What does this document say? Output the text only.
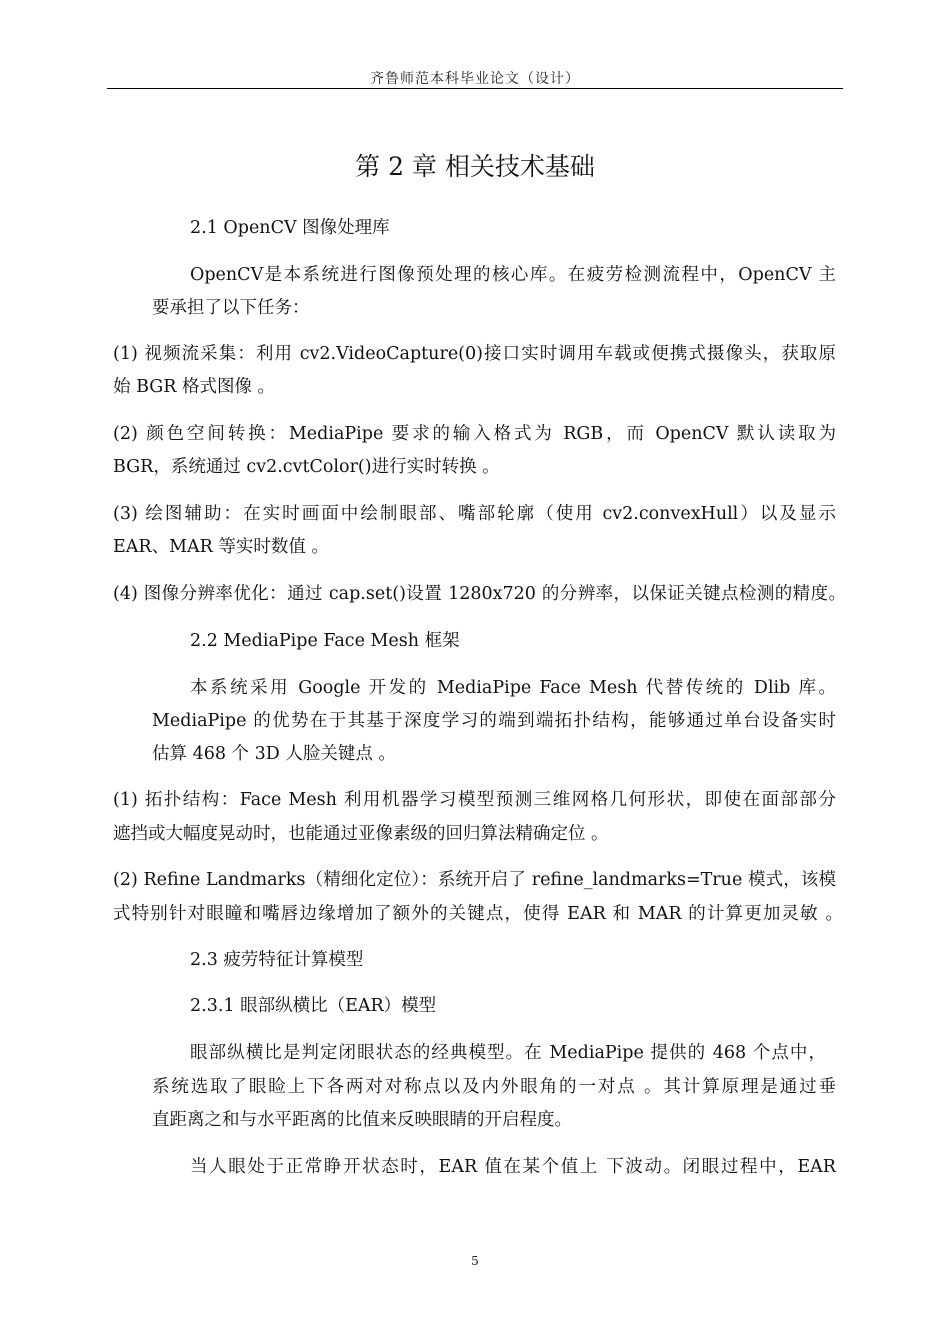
齐鲁师范本科毕业论文（设计）
第 2 章 相关技术基础
2.1 OpenCV 图像处理库
OpenCV是本系统进行图像预处理的核心库。在疲劳检测流程中，OpenCV 主
要承担了以下任务：
(1) 视频流采集：利用 cv2.VideoCapture(0)接口实时调用车载或便携式摄像头，获取原
始 BGR 格式图像 。
(2) 颜色空间转换：MediaPipe 要求的输入格式为 RGB，而 OpenCV 默认读取为
BGR，系统通过 cv2.cvtColor()进行实时转换 。
(3) 绘图辅助：在实时画面中绘制眼部、嘴部轮廓（使用 cv2.convexHull）以及显示
EAR、MAR 等实时数值 。
(4) 图像分辨率优化：通过 cap.set()设置 1280x720 的分辨率，以保证关键点检测的精度。
2.2 MediaPipe Face Mesh 框架
本系统采用 Google 开发的 MediaPipe Face Mesh 代替传统的 Dlib 库。
MediaPipe 的优势在于其基于深度学习的端到端拓扑结构，能够通过单台设备实时
估算 468 个 3D 人脸关键点 。
(1) 拓扑结构：Face Mesh 利用机器学习模型预测三维网格几何形状，即使在面部部分
遮挡或大幅度晃动时，也能通过亚像素级的回归算法精确定位 。
(2) Refine Landmarks（精细化定位）：系统开启了 refine_landmarks=True 模式，该模
式特别针对眼瞳和嘴唇边缘增加了额外的关键点，使得 EAR 和 MAR 的计算更加灵敏 。
2.3 疲劳特征计算模型
2.3.1 眼部纵横比（EAR）模型
眼部纵横比是判定闭眼状态的经典模型。在 MediaPipe 提供的 468 个点中，
系统选取了眼睑上下各两对对称点以及内外眼角的一对点 。其计算原理是通过垂
直距离之和与水平距离的比值来反映眼睛的开启程度。
当人眼处于正常睁开状态时，EAR 值在某个值上 下波动。闭眼过程中，EAR
5
